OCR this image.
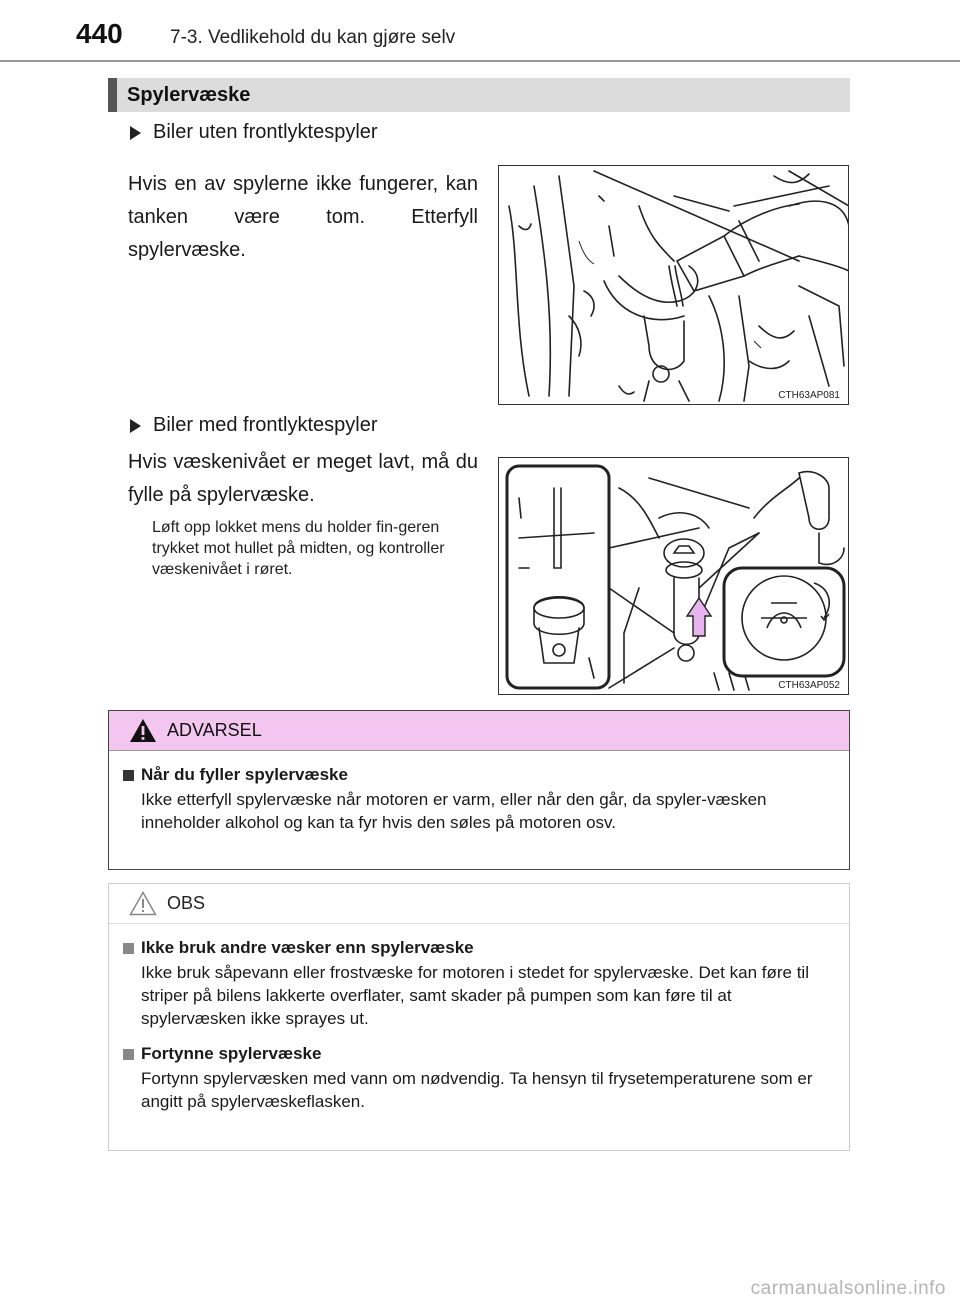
440 7-3. Vedlikehold du kan gjøre selv
Spylervæske
Biler uten frontlyktespyler
Hvis en av spylerne ikke fungerer, kan tanken være tom. Etterfyll spylervæske.
CTH63AP081
Biler med frontlyktespyler
Hvis væskenivået er meget lavt, må du fylle på spylervæske.
Løft opp lokket mens du holder fin-geren trykket mot hullet på midten, og kontroller væskenivået i røret.
CTH63AP052
ADVARSEL
Når du fyller spylervæske
Ikke etterfyll spylervæske når motoren er varm, eller når den går, da spyler-væsken inneholder alkohol og kan ta fyr hvis den søles på motoren osv.
OBS
Ikke bruk andre væsker enn spylervæske
Ikke bruk såpevann eller frostvæske for motoren i stedet for spylervæske. Det kan føre til striper på bilens lakkerte overflater, samt skader på pumpen som kan føre til at spylervæsken ikke sprayes ut.
Fortynne spylervæske
Fortynn spylervæsken med vann om nødvendig. Ta hensyn til frysetemperaturene som er angitt på spylervæskeflasken.
carmanualsonline.info
